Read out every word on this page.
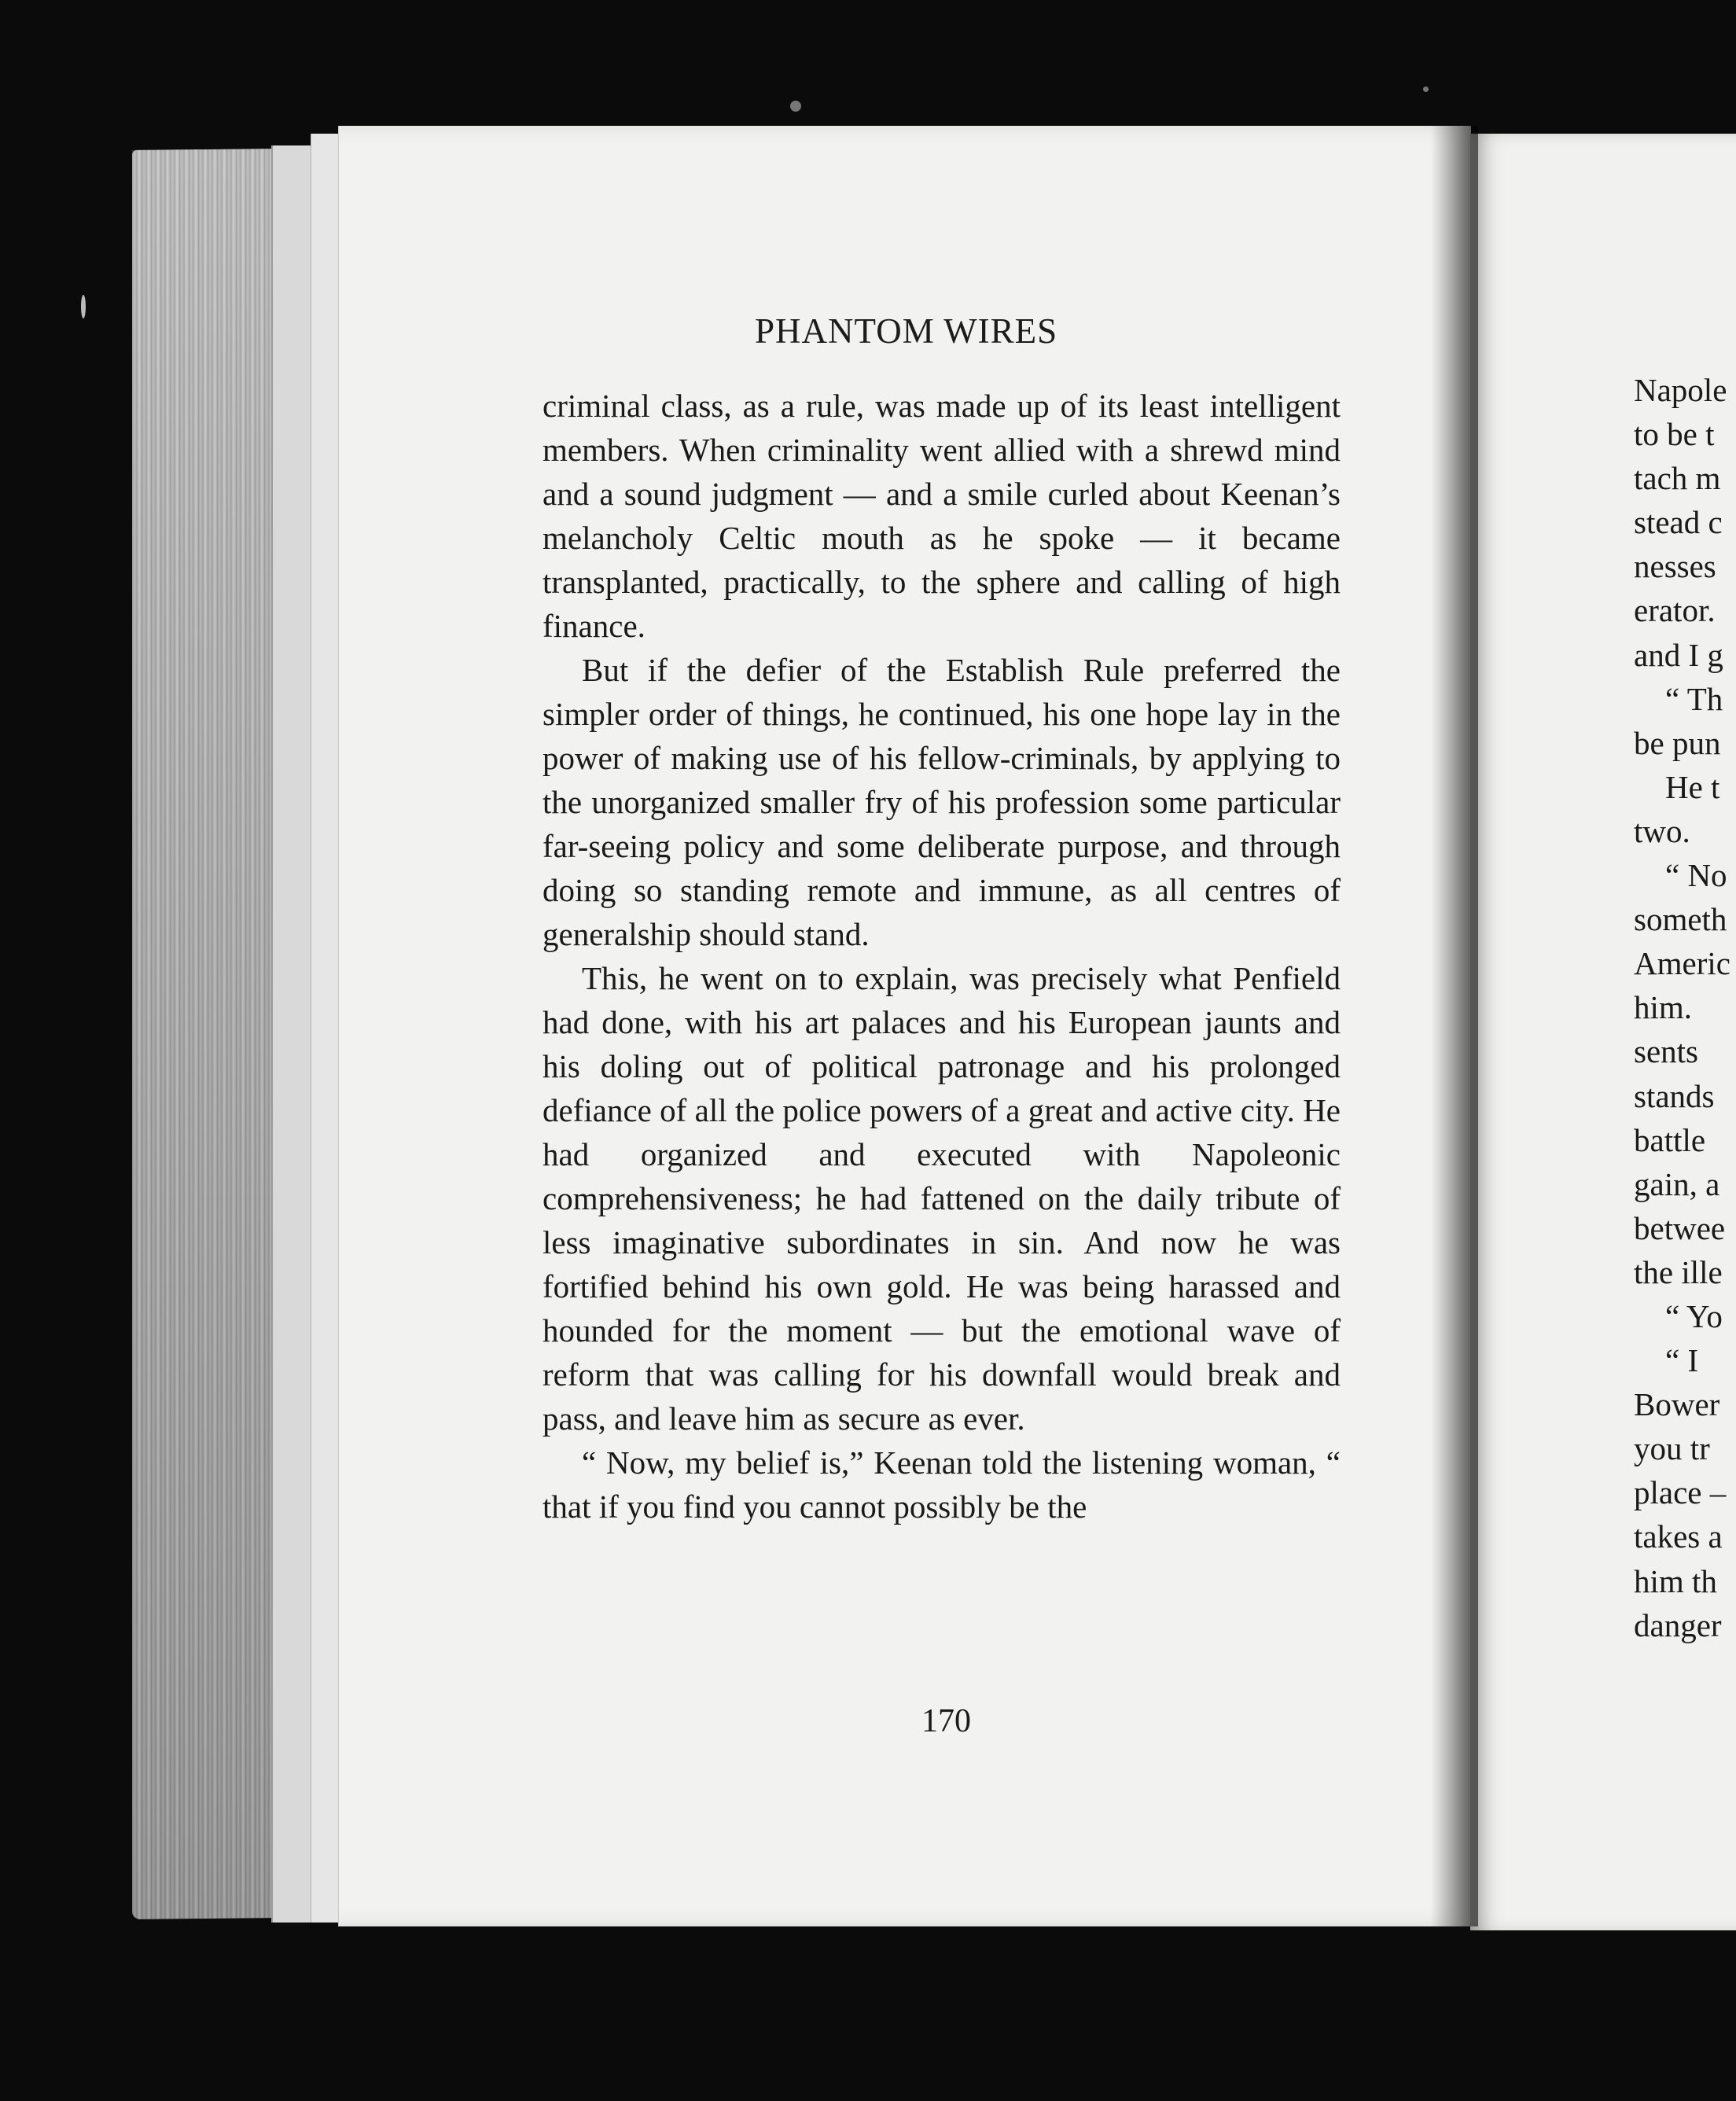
PHANTOM WIRES

criminal class, as a rule, was made up of its least intelligent members. When criminality went allied with a shrewd mind and a sound judgment — and a smile curled about Keenan’s melancholy Celtic mouth as he spoke — it became transplanted, practically, to the sphere and calling of high finance.

But if the defier of the Establish Rule preferred the simpler order of things, he continued, his one hope lay in the power of making use of his fellow-criminals, by applying to the unorganized smaller fry of his profession some particular far-seeing policy and some deliberate purpose, and through doing so standing remote and immune, as all centres of generalship should stand.

This, he went on to explain, was precisely what Penfield had done, with his art palaces and his European jaunts and his doling out of political patronage and his prolonged defiance of all the police powers of a great and active city. He had organized and executed with Napoleonic comprehensiveness; he had fattened on the daily tribute of less imaginative subordinates in sin. And now he was fortified behind his own gold. He was being harassed and hounded for the moment — but the emotional wave of reform that was calling for his downfall would break and pass, and leave him as secure as ever.

“ Now, my belief is,” Keenan told the listening woman, “ that if you find you cannot possibly be the

170
Napole
to be t
tach m
stead c
nesses
erator.
and I g
“ Th
be pun
He t
two.
“ No
someth
Americ
him.
sents
stands
battle
gain, a
betwee
the ille
“ Yo
“ I
Bower
you tr
place –
takes a
him th
danger
